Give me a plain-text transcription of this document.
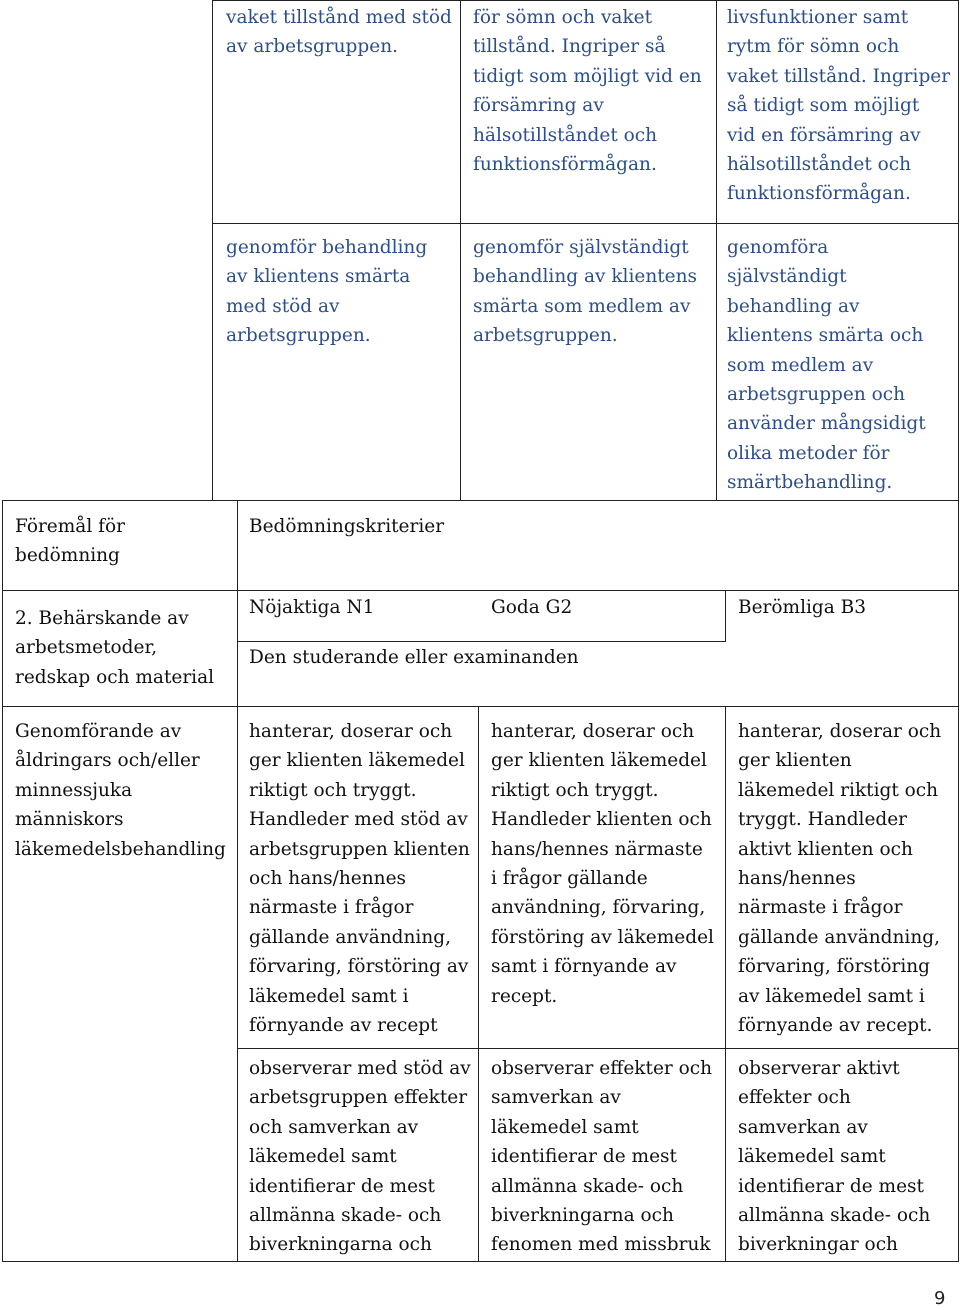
vaket tillstånd med stöd
av arbetsgruppen.
för sömn och vaket
tillstånd. Ingriper så
tidigt som möjligt vid en
försämring av
hälsotillståndet och
funktionsförmågan.
livsfunktioner samt
rytm för sömn och
vaket tillstånd. Ingriper
så tidigt som möjligt
vid en försämring av
hälsotillståndet och
funktionsförmågan.
genomför behandling
av klientens smärta
med stöd av
arbetsgruppen.
genomför självständigt
behandling av klientens
smärta som medlem av
arbetsgruppen.
genomföra
självständigt
behandling av
klientens smärta och
som medlem av
arbetsgruppen och
använder mångsidigt
olika metoder för
smärtbehandling.
Föremål för
bedömning
Bedömningskriterier
2. Behärskande av
arbetsmetoder,
redskap och material
Nöjaktiga N1	Goda G2	Berömliga B3
Den studerande eller examinanden
Genomförande av
åldringars och/eller
minnessjuka
människors
läkemedelsbehandling
hanterar, doserar och
ger klienten läkemedel
riktigt och tryggt.
Handleder med stöd av
arbetsgruppen klienten
och hans/hennes
närmaste i frågor
gällande användning,
förvaring, förstöring av
läkemedel samt i
förnyande av recept
hanterar, doserar och
ger klienten läkemedel
riktigt och tryggt.
Handleder klienten och
hans/hennes närmaste
i frågor gällande
användning, förvaring,
förstöring av läkemedel
samt i förnyande av
recept.
hanterar, doserar och
ger klienten
läkemedel riktigt och
tryggt. Handleder
aktivt klienten och
hans/hennes
närmaste i frågor
gällande användning,
förvaring, förstöring
av läkemedel samt i
förnyande av recept.
observerar med stöd av
arbetsgruppen effekter
och samverkan av
läkemedel samt
identifierar de mest
allmänna skade- och
biverkningarna och
observerar effekter och
samverkan av
läkemedel samt
identifierar de mest
allmänna skade- och
biverkningarna och
fenomen med missbruk
observerar aktivt
effekter och
samverkan av
läkemedel samt
identifierar de mest
allmänna skade- och
biverkningar och
9
